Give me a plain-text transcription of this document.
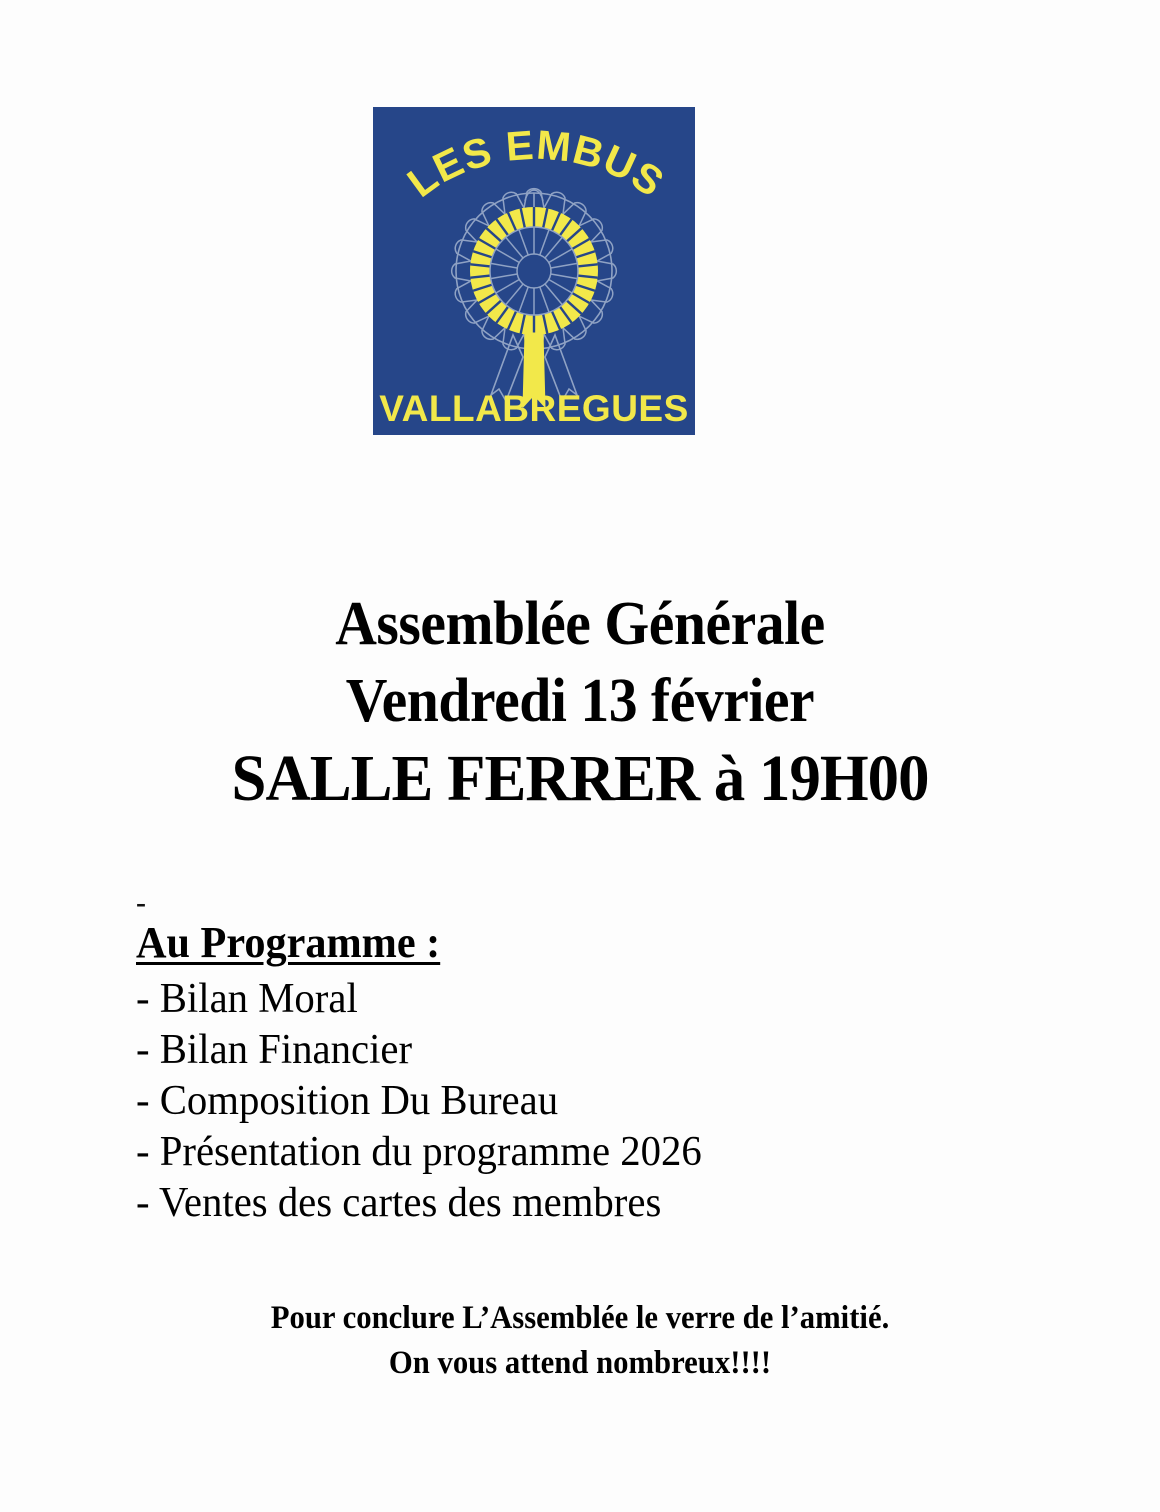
LES EMBUS
VALLABREGUES
Assemblée Générale
Vendredi 13 février
SALLE FERRER à 19H00
-
Au Programme :
- Bilan Moral
- Bilan Financier
- Composition Du Bureau
- Présentation du programme 2026
- Ventes des cartes des membres
Pour conclure L’Assemblée le verre de l’amitié.
On vous attend nombreux!!!!
